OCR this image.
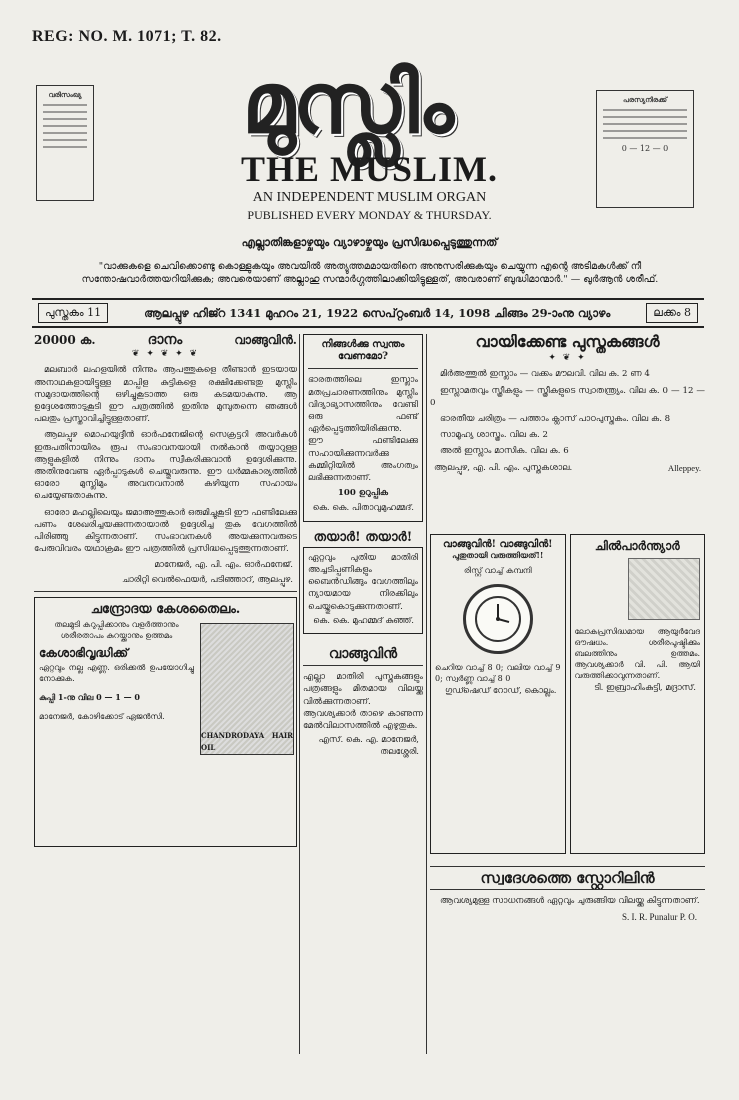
REG: NO. M. 1071; T. 82.
വരിസംഖ്യ മുസ്ലിം	പരസ്യനിരക്ക്
0 — 12 — 0
THE MUSLIM.
AN INDEPENDENT MUSLIM ORGAN
PUBLISHED EVERY MONDAY & THURSDAY.
എല്ലാതിങ്കളാഴ്ചയും വ്യാഴാഴ്ചയും പ്രസിദ്ധപ്പെടുത്തുന്നത്
"വാക്കുകളെ ചെവിക്കൊണ്ടു കൊള്ളുകയും അവയിൽ അത്യുത്തമമായതിനെ അനുസരിക്കുകയും ചെയ്യുന്ന എന്റെ അടിമകൾക്ക് നീ സന്തോഷവാർത്തയറിയിക്കുക; അവരെയാണ് അല്ലാഹു സന്മാർഗ്ഗത്തിലാക്കിയിട്ടുള്ളത്, അവരാണ് ബുദ്ധിമാന്മാർ." — ഖുർആൻ ശരീഫ്.
പുസ്തകം 11	ആലപ്പുഴ ഹിജ്റ 1341 മുഹറം 21, 1922 സെപ്റ്റംബർ 14, 1098 ചിങ്ങം 29-ാംനു വ്യാഴം	ലക്കം 8
20000 ക.	ദാനം	വാങ്ങുവിൻ.
❦ ✦ ❦ ✦ ❦

മലബാർ ലഹളയിൽ നിന്നും ആപത്തുകളെ തീണ്ടാൻ ഇടയായ അനാഥകളായിട്ടുള്ള മാപ്പിള കുട്ടികളെ രക്ഷിക്കേണ്ടതു മുസ്ലിം സമുദായത്തിന്റെ ഒഴിച്ചുകൂടാത്ത ഒരു കടമയാകുന്നു. ആ ഉദ്ദേശത്തോടുകൂടി ഈ പത്രത്തിൽ ഇതിനു മുമ്പുതന്നെ ഞങ്ങൾ പലതും പ്രസ്താവിച്ചിട്ടുള്ളതാണ്.

ആലപ്പുഴ മൊഹയുദ്ദീൻ ഓർഫനേജിന്റെ സെക്രട്ടറി അവർകൾ ഇരുപതിനായിരം രൂപ സംഭാവനയായി നൽകാൻ തയ്യാറുള്ള ആളുകളിൽ നിന്നും ദാനം സ്വീകരിക്കുവാൻ ഉദ്ദേശിക്കുന്നു. അതിനുവേണ്ട ഏർപ്പാടുകൾ ചെയ്തുവരുന്നു. ഈ ധർമ്മകാര്യത്തിൽ ഓരോ മുസ്ലിമും അവനവനാൽ കഴിയുന്ന സഹായം ചെയ്യേണ്ടതാകുന്നു.

ഓരോ മഹല്ലിലെയും ജമാഅത്തുകാർ ഒരുമിച്ചുകൂടി ഈ ഫണ്ടിലേക്കു പണം ശേഖരിച്ചയക്കുന്നതായാൽ ഉദ്ദേശിച്ച തുക വേഗത്തിൽ പിരിഞ്ഞു കിട്ടുന്നതാണ്. സംഭാവനകൾ അയക്കുന്നവരുടെ പേരുവിവരം യഥാക്രമം ഈ പത്രത്തിൽ പ്രസിദ്ധപ്പെടുത്തുന്നതാണ്.

മാനേജർ, എ. പി. എം. ഓർഫനേജ്.
ചാരിറ്റി വെൽഫെയർ, പടിഞ്ഞാറ്, ആലപ്പുഴ.
ചന്ദ്രോദയ കേശതൈലം.
CHANDRODAYA HAIR OIL
തലമുടി കറുപ്പിക്കാനും വളർത്താനും
ശരീരതാപം കുറയ്ക്കാനും ഉത്തമം
കേശാഭിവൃദ്ധിക്ക്
ഏറ്റവും നല്ല എണ്ണ. ഒരിക്കൽ ഉപയോഗിച്ചു നോക്കുക.
കുപ്പി 1-നു വില 0 — 1 — 0
മാനേജർ, കോഴിക്കോട് ഏജൻസി.
നിങ്ങൾക്കു സ്വന്തം വേണമോ?
ഭാരതത്തിലെ ഇസ്ലാം മതപ്രചാരണത്തിനും മുസ്ലിം വിദ്യാഭ്യാസത്തിനും വേണ്ടി ഒരു ഫണ്ട് ഏർപ്പെടുത്തിയിരിക്കുന്നു. ഈ ഫണ്ടിലേക്കു സഹായിക്കുന്നവർക്കു കമ്മിറ്റിയിൽ അംഗത്വം ലഭിക്കുന്നതാണ്.
100 ഉറുപ്പിക
കെ. കെ. പിതാവുമുഹമ്മദ്.
തയാർ! തയാർ!
ഏറ്റവും പുതിയ മാതിരി അച്ചടിപ്പണികളും ബൈൻഡിങ്ങും വേഗത്തിലും ന്യായമായ നിരക്കിലും ചെയ്തുകൊടുക്കുന്നതാണ്.
കെ. കെ. മുഹമ്മദ് കുഞ്ഞ്.
വാങ്ങുവിൻ
എല്ലാ മാതിരി പുസ്തകങ്ങളും പത്രങ്ങളും മിതമായ വിലയ്ക്കു വിൽക്കുന്നതാണ്. ആവശ്യക്കാർ താഴെ കാണുന്ന മേൽവിലാസത്തിൽ എഴുതുക.
എസ്. കെ. എ. മാനേജർ, തലശ്ശേരി.
വായിക്കേണ്ട പുസ്തകങ്ങൾ
✦ ❦ ✦
മിർഅത്തുൽ ഇസ്ലാം — വക്കം മൗലവി. വില ക. 2 ണ 4
ഇസ്ലാമതവും സ്ത്രീകളും — സ്ത്രീകളുടെ സ്വാതന്ത്ര്യം. വില ക. 0 — 12 — 0
ഭാരതീയ ചരിത്രം — പത്താം ക്ലാസ് പാഠപുസ്തകം. വില ക. 8
സാമൂഹ്യ ശാസ്ത്രം. വില ക. 2
അൽ ഇസ്ലാം മാസിക. വില ക. 6
ആലപ്പുഴ, എ. പി. എം. പുസ്തകശാല.	Alleppey.
വാങ്ങുവിൻ! വാങ്ങുവിൻ!
പുതുതായി വരുത്തിയത്!!
രിസ്റ്റ് വാച്ച് കമ്പനി
ചെറിയ വാച്ച് 8 0; വലിയ വാച്ച് 9 0; സ്വർണ്ണ വാച്ച് 8 0
ഗുഡ്ഷെഡ് റോഡ്, കൊല്ലം.
ചിൽപാർന്ത്യാർ
ലോകപ്രസിദ്ധമായ ആയുർവേദ ഔഷധം. ശരീരപുഷ്ടിക്കും ബലത്തിനും ഉത്തമം. ആവശ്യക്കാർ വി. പി. ആയി വരുത്തിക്കാവുന്നതാണ്.
ടി. ഇബ്രാഹിംകുട്ടി, മദ്രാസ്.
സ്വദേശത്തെ സ്റ്റോറിലിൻ
ആവശ്യമുള്ള സാധനങ്ങൾ ഏറ്റവും ചുരുങ്ങിയ വിലയ്ക്കു കിട്ടുന്നതാണ്.
S. I. R. Punalur P. O.
